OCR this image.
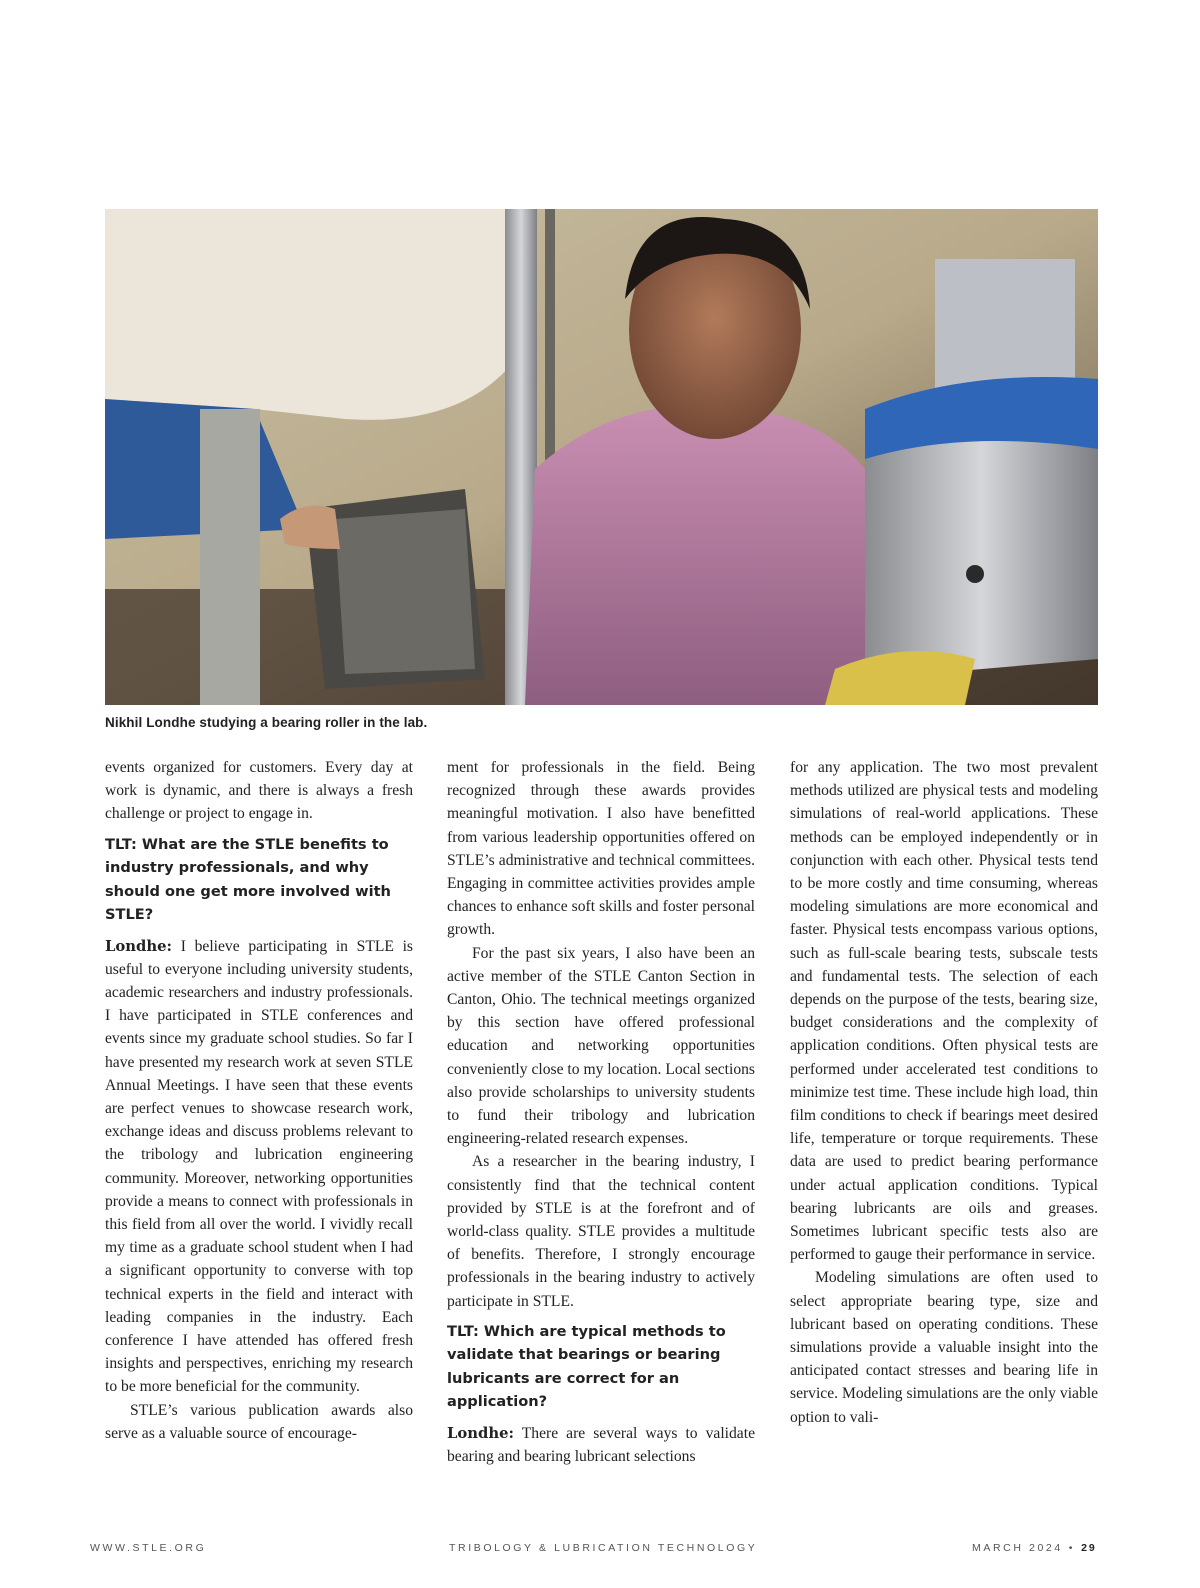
Nikhil Londhe studying a bearing roller in the lab.

events organized for customers. Every day at work is dynamic, and there is always a fresh challenge or project to engage in.

TLT: What are the STLE benefits to industry professionals, and why should one get more involved with STLE?

Londhe: I believe participating in STLE is useful to everyone including university students, academic researchers and industry professionals. I have participated in STLE conferences and events since my graduate school studies. So far I have presented my research work at seven STLE Annual Meetings. I have seen that these events are perfect venues to showcase research work, exchange ideas and discuss problems relevant to the tribology and lubrication engineering community. Moreover, networking opportunities provide a means to connect with professionals in this field from all over the world. I vividly recall my time as a graduate school student when I had a significant opportunity to converse with top technical experts in the field and interact with leading companies in the industry. Each conference I have attended has offered fresh insights and perspectives, enriching my research to be more beneficial for the community.

STLE’s various publication awards also serve as a valuable source of encourage-

ment for professionals in the field. Being recognized through these awards provides meaningful motivation. I also have benefitted from various leadership opportunities offered on STLE’s administrative and technical committees. Engaging in committee activities provides ample chances to enhance soft skills and foster personal growth.

For the past six years, I also have been an active member of the STLE Canton Section in Canton, Ohio. The technical meetings organized by this section have offered professional education and networking opportunities conveniently close to my location. Local sections also provide scholarships to university students to fund their tribology and lubrication engineering-related research expenses.

As a researcher in the bearing industry, I consistently find that the technical content provided by STLE is at the forefront and of world-class quality. STLE provides a multitude of benefits. Therefore, I strongly encourage professionals in the bearing industry to actively participate in STLE.

TLT: Which are typical methods to validate that bearings or bearing lubricants are correct for an application?

Londhe: There are several ways to validate bearing and bearing lubricant selections

for any application. The two most prevalent methods utilized are physical tests and modeling simulations of real-world applications. These methods can be employed independently or in conjunction with each other. Physical tests tend to be more costly and time consuming, whereas modeling simulations are more economical and faster. Physical tests encompass various options, such as full-scale bearing tests, subscale tests and fundamental tests. The selection of each depends on the purpose of the tests, bearing size, budget considerations and the complexity of application conditions. Often physical tests are performed under accelerated test conditions to minimize test time. These include high load, thin film conditions to check if bearings meet desired life, temperature or torque requirements. These data are used to predict bearing performance under actual application conditions. Typical bearing lubricants are oils and greases. Sometimes lubricant specific tests also are performed to gauge their performance in service.

Modeling simulations are often used to select appropriate bearing type, size and lubricant based on operating conditions. These simulations provide a valuable insight into the anticipated contact stresses and bearing life in service. Modeling simulations are the only viable option to vali-

WWW.STLE.ORG	TRIBOLOGY & LUBRICATION TECHNOLOGY	MARCH 2024 • 29
